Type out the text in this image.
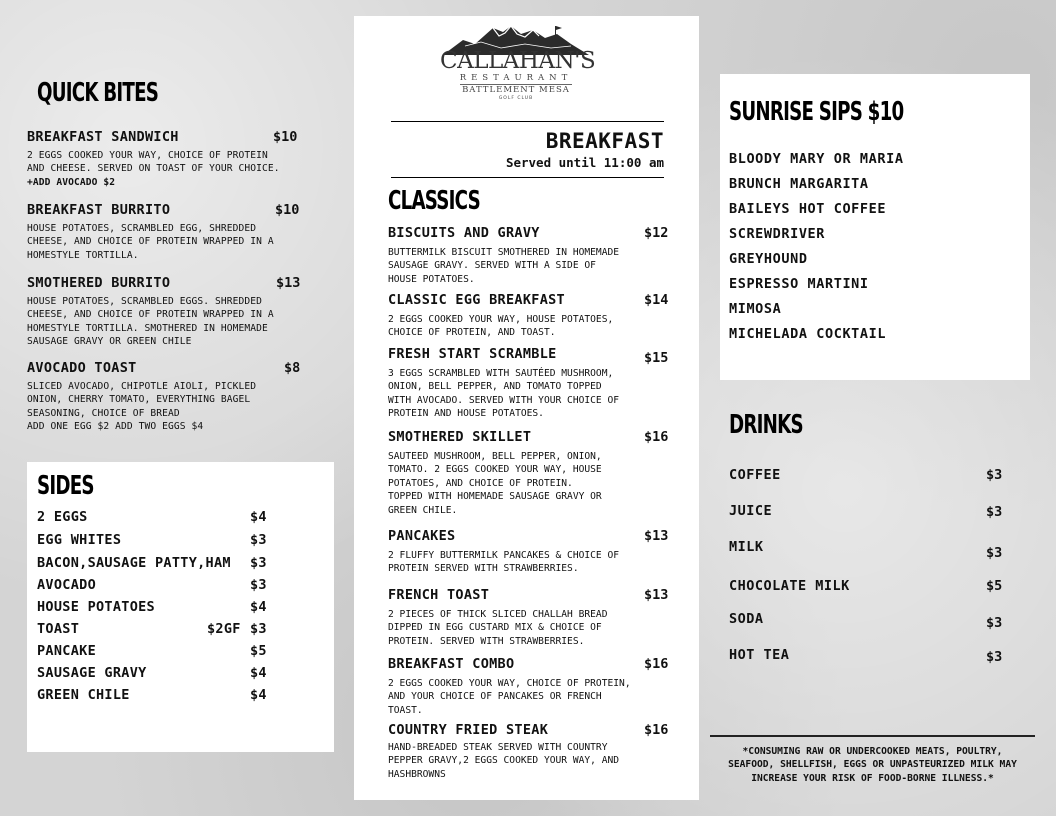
QUICK BITES
BREAKFAST SANDWICH	$10
2 EGGS COOKED YOUR WAY, CHOICE OF PROTEIN
AND CHEESE. SERVED ON TOAST OF YOUR CHOICE.
+ADD AVOCADO $2
BREAKFAST BURRITO	$10
HOUSE POTATOES, SCRAMBLED EGG, SHREDDED
CHEESE, AND CHOICE OF PROTEIN WRAPPED IN A
HOMESTYLE TORTILLA.
SMOTHERED BURRITO	$13
HOUSE POTATOES, SCRAMBLED EGGS. SHREDDED
CHEESE, AND CHOICE OF PROTEIN WRAPPED IN A
HOMESTYLE TORTILLA. SMOTHERED IN HOMEMADE
SAUSAGE GRAVY OR GREEN CHILE
AVOCADO TOAST	$8
SLICED AVOCADO, CHIPOTLE AIOLI, PICKLED
ONION, CHERRY TOMATO, EVERYTHING BAGEL
SEASONING, CHOICE OF BREAD
ADD ONE EGG $2 ADD TWO EGGS $4
SIDES
2 EGGS	$4
EGG WHITES	$3
BACON,SAUSAGE PATTY,HAM $3
AVOCADO	$3
HOUSE POTATOES	$4
TOAST	$2GF $3
PANCAKE	$5
SAUSAGE GRAVY	$4
GREEN CHILE	$4
CALLAHAN'S
RESTAURANT
BATTLEMENT MESA
GOLF CLUB
BREAKFAST
Served until 11:00 am
CLASSICS
BISCUITS AND GRAVY	$12
BUTTERMILK BISCUIT SMOTHERED IN HOMEMADE
SAUSAGE GRAVY. SERVED WITH A SIDE OF
HOUSE POTATOES.
CLASSIC EGG BREAKFAST	$14
2 EGGS COOKED YOUR WAY, HOUSE POTATOES,
CHOICE OF PROTEIN, AND TOAST.
FRESH START SCRAMBLE	$15
3 EGGS SCRAMBLED WITH SAUTÉED MUSHROOM,
ONION, BELL PEPPER, AND TOMATO TOPPED
WITH AVOCADO. SERVED WITH YOUR CHOICE OF
PROTEIN AND HOUSE POTATOES.
SMOTHERED SKILLET	$16
SAUTEED MUSHROOM, BELL PEPPER, ONION,
TOMATO. 2 EGGS COOKED YOUR WAY, HOUSE
POTATOES, AND CHOICE OF PROTEIN.
TOPPED WITH HOMEMADE SAUSAGE GRAVY OR
GREEN CHILE.
PANCAKES	$13
2 FLUFFY BUTTERMILK PANCAKES & CHOICE OF
PROTEIN SERVED WITH STRAWBERRIES.
FRENCH TOAST	$13
2 PIECES OF THICK SLICED CHALLAH BREAD
DIPPED IN EGG CUSTARD MIX & CHOICE OF
PROTEIN. SERVED WITH STRAWBERRIES.
BREAKFAST COMBO	$16
2 EGGS COOKED YOUR WAY, CHOICE OF PROTEIN,
AND YOUR CHOICE OF PANCAKES OR FRENCH
TOAST.
COUNTRY FRIED STEAK	$16
HAND-BREADED STEAK SERVED WITH COUNTRY
PEPPER GRAVY,2 EGGS COOKED YOUR WAY, AND
HASHBROWNS
SUNRISE SIPS $10
BLOODY MARY OR MARIA
BRUNCH MARGARITA
BAILEYS HOT COFFEE
SCREWDRIVER
GREYHOUND
ESPRESSO MARTINI
MIMOSA
MICHELADA COCKTAIL
DRINKS
COFFEE	$3
JUICE	$3
MILK	$3
CHOCOLATE MILK	$5
SODA	$3
HOT TEA	$3
*CONSUMING RAW OR UNDERCOOKED MEATS, POULTRY,
SEAFOOD, SHELLFISH, EGGS OR UNPASTEURIZED MILK MAY
INCREASE YOUR RISK OF FOOD-BORNE ILLNESS.*
